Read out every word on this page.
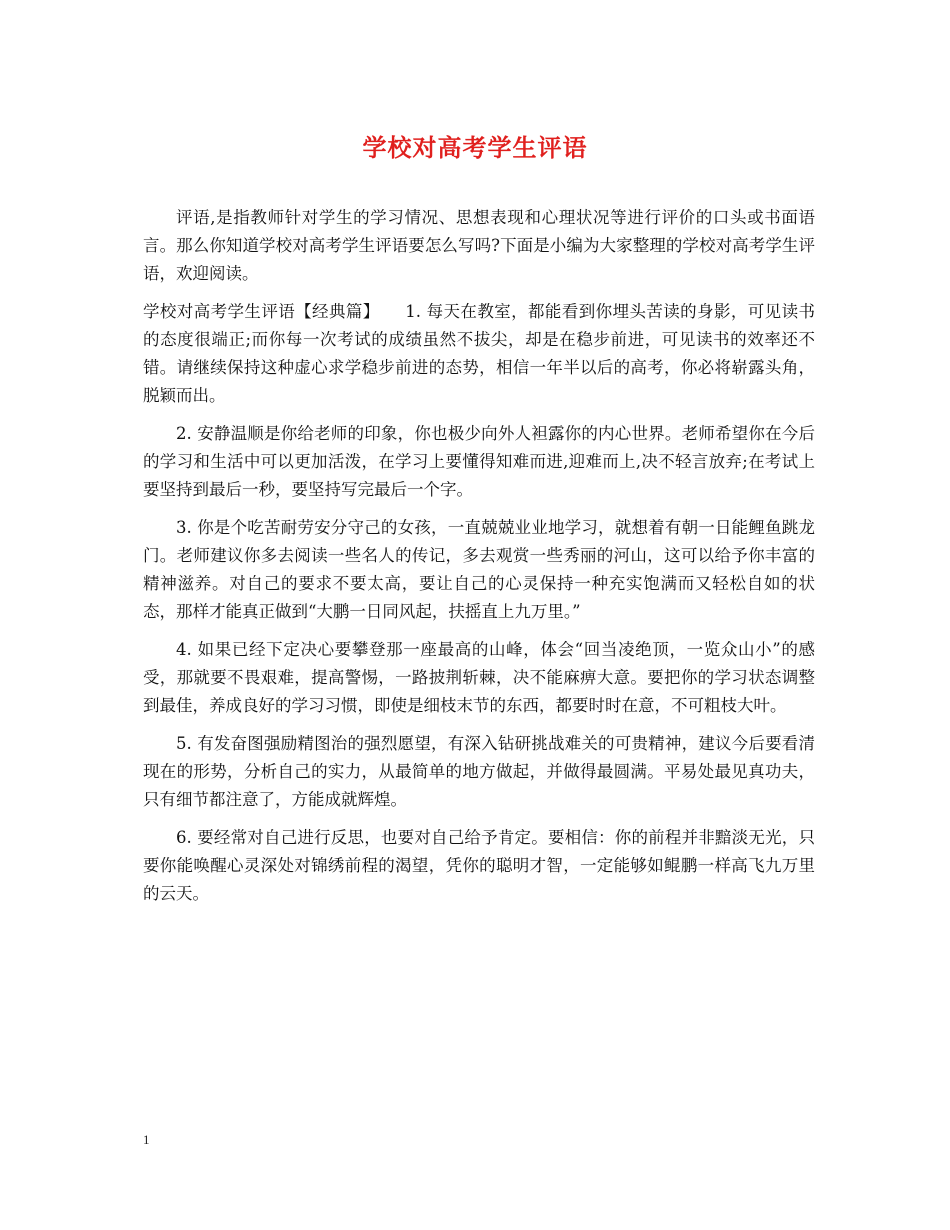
学校对高考学生评语

评语,是指教师针对学生的学习情况、思想表现和心理状况等进行评价的口头或书面语言。那么你知道学校对高考学生评语要怎么写吗?下面是小编为大家整理的学校对高考学生评语，欢迎阅读。

学校对高考学生评语【经典篇】　　1. 每天在教室，都能看到你埋头苦读的身影，可见读书的态度很端正;而你每一次考试的成绩虽然不拔尖，却是在稳步前进，可见读书的效率还不错。请继续保持这种虚心求学稳步前进的态势，相信一年半以后的高考，你必将崭露头角，脱颖而出。

2. 安静温顺是你给老师的印象，你也极少向外人袒露你的内心世界。老师希望你在今后的学习和生活中可以更加活泼，在学习上要懂得知难而进,迎难而上,决不轻言放弃;在考试上要坚持到最后一秒，要坚持写完最后一个字。

3. 你是个吃苦耐劳安分守己的女孩，一直兢兢业业地学习，就想着有朝一日能鲤鱼跳龙门。老师建议你多去阅读一些名人的传记，多去观赏一些秀丽的河山，这可以给予你丰富的精神滋养。对自己的要求不要太高，要让自己的心灵保持一种充实饱满而又轻松自如的状态，那样才能真正做到“大鹏一日同风起，扶摇直上九万里。”

4. 如果已经下定决心要攀登那一座最高的山峰，体会“回当凌绝顶，一览众山小”的感受，那就要不畏艰难，提高警惕，一路披荆斩棘，决不能麻痹大意。要把你的学习状态调整到最佳，养成良好的学习习惯，即使是细枝末节的东西，都要时时在意，不可粗枝大叶。

5. 有发奋图强励精图治的强烈愿望，有深入钻研挑战难关的可贵精神，建议今后要看清现在的形势，分析自己的实力，从最简单的地方做起，并做得最圆满。平易处最见真功夫，只有细节都注意了，方能成就辉煌。

6. 要经常对自己进行反思，也要对自己给予肯定。要相信：你的前程并非黯淡无光，只要你能唤醒心灵深处对锦绣前程的渴望，凭你的聪明才智，一定能够如鲲鹏一样高飞九万里的云天。

1
